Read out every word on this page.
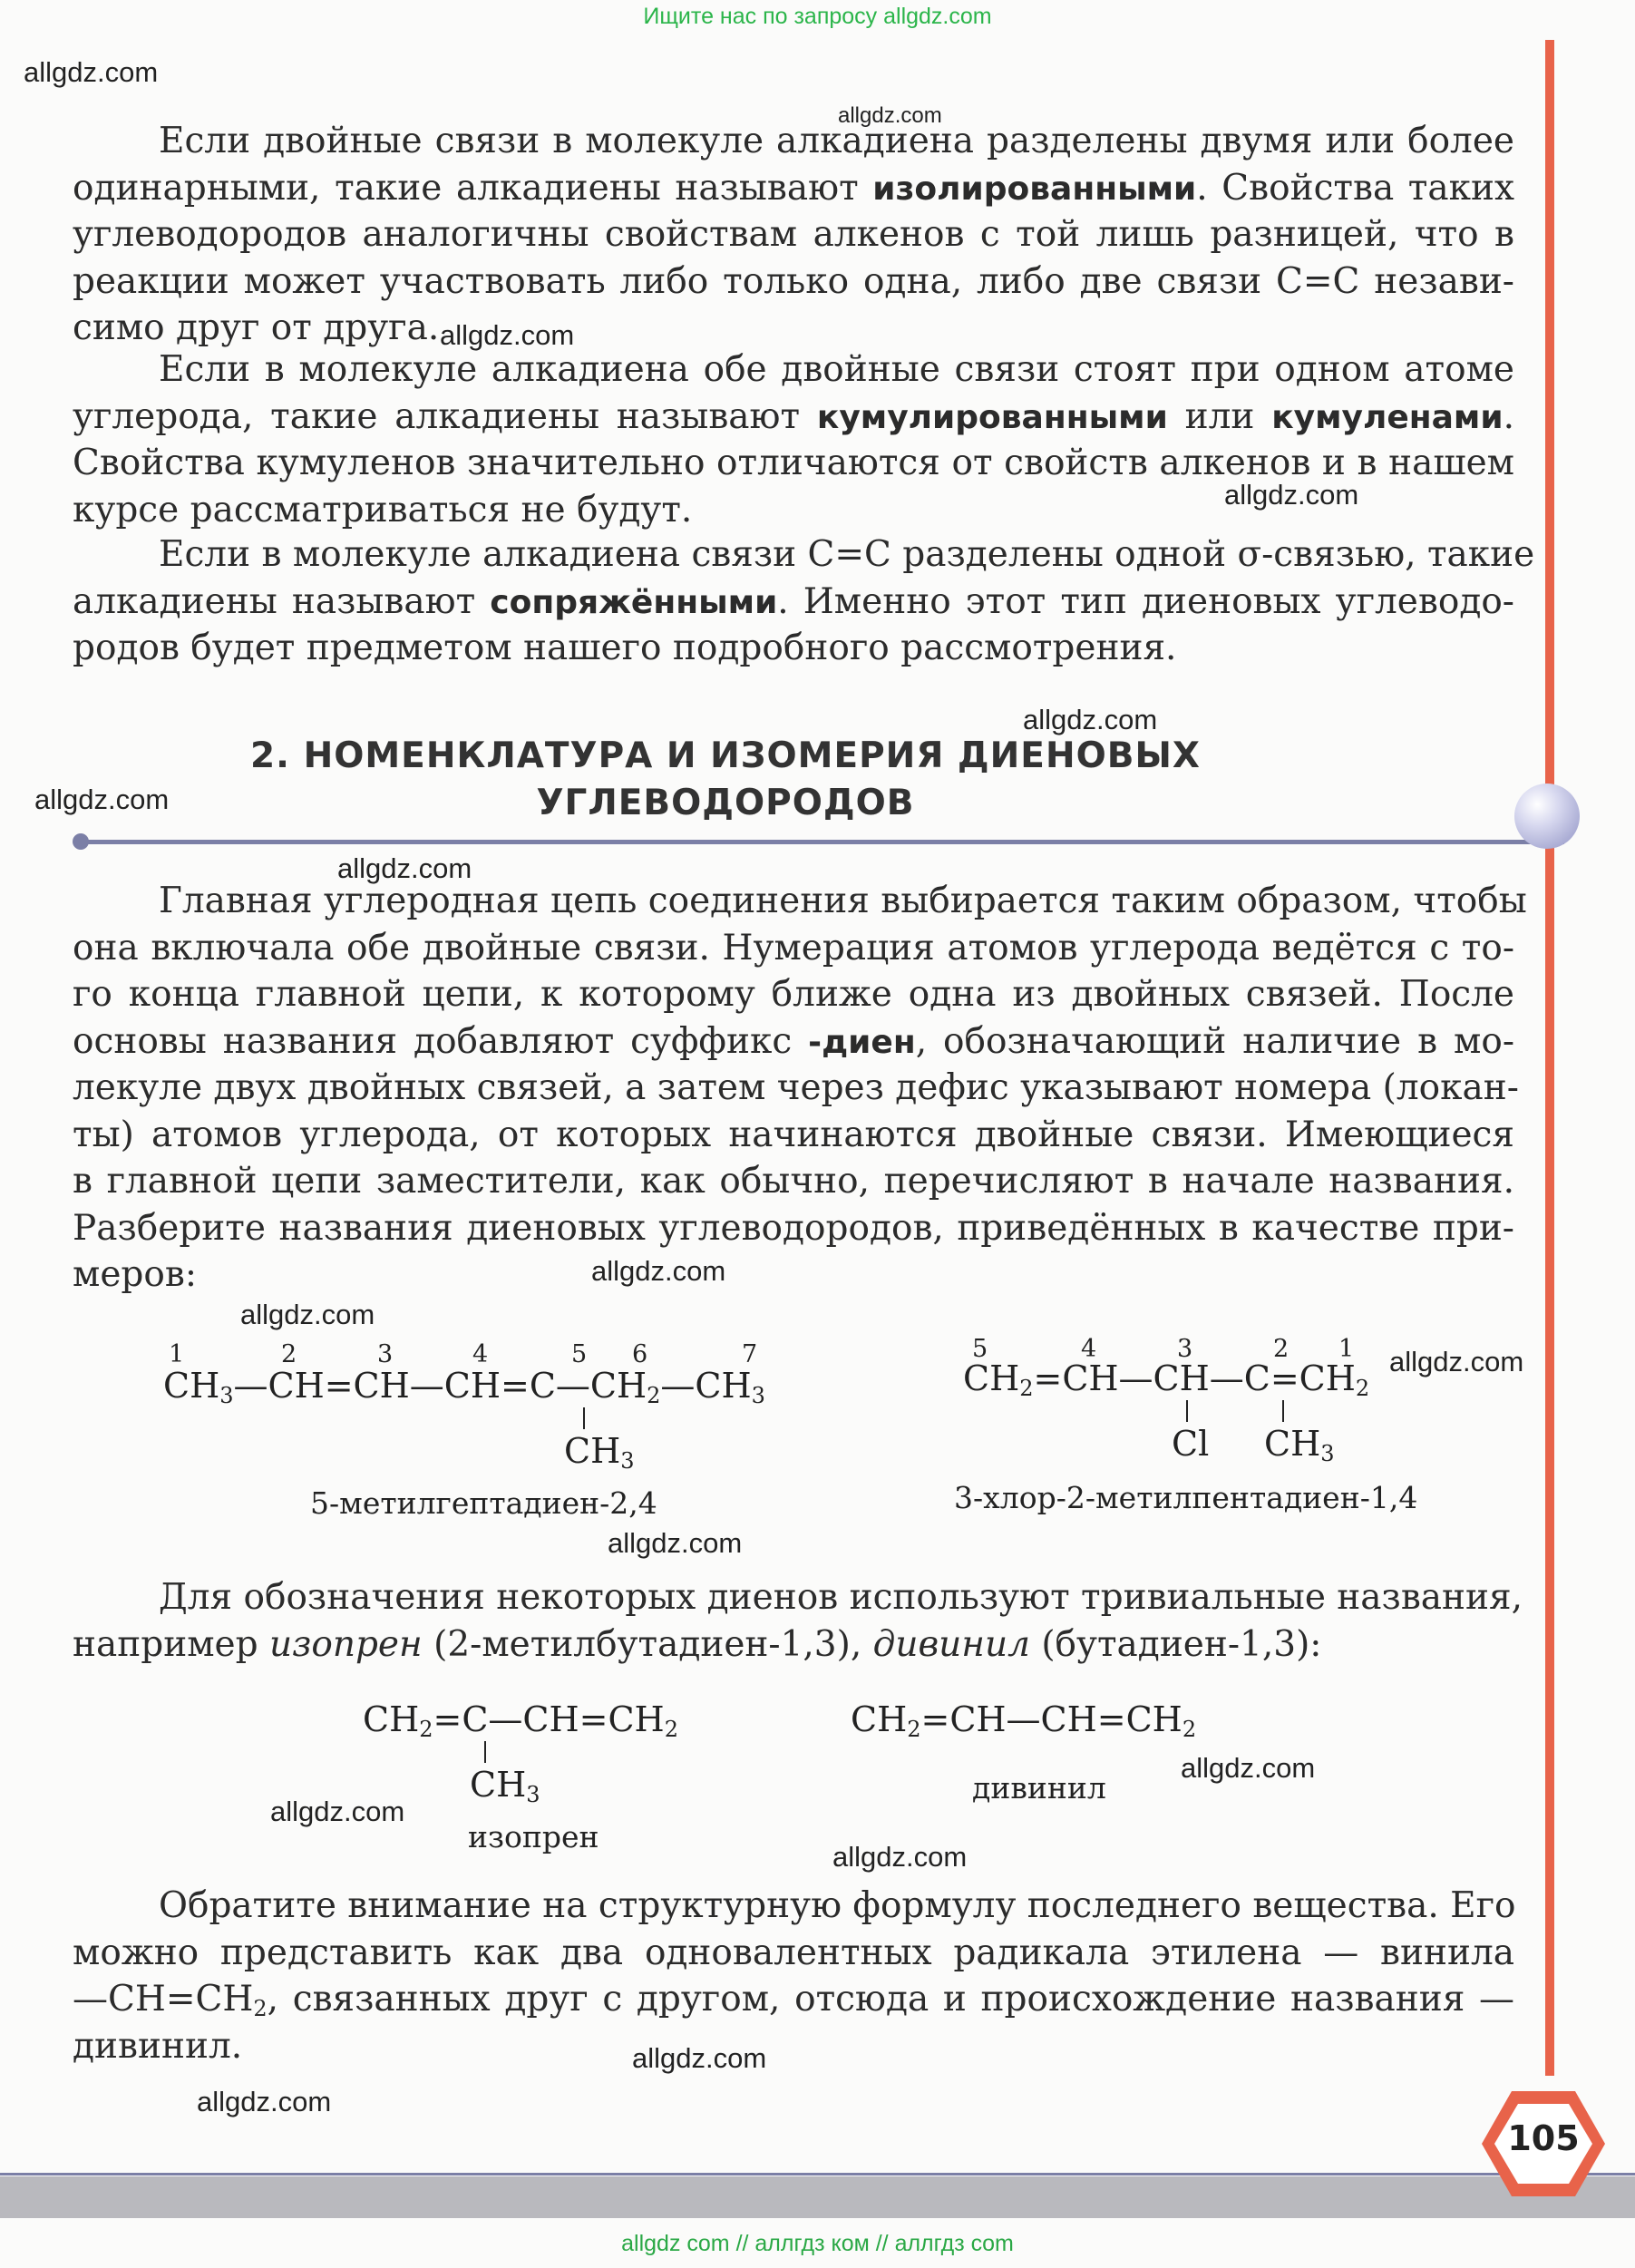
Ищите нас по запросу allgdz.com
allgdz.com
allgdz.com
allgdz.com
allgdz.com
allgdz.com
allgdz.com
allgdz.com
allgdz.com
allgdz.com
allgdz.com
allgdz.com
allgdz.com
allgdz.com
allgdz.com
allgdz.com
allgdz.com
Если двойные связи в молекуле алкадиена разделены двумя или более
одинарными, такие алкадиены называют изолированными. Свойства таких
углеводородов аналогичны свойствам алкенов с той лишь разницей, что в
реакции может участвовать либо только одна, либо две связи С=С незави-
симо друг от друга.
Если в молекуле алкадиена обе двойные связи стоят при одном атоме
углерода, такие алкадиены называют кумулированными или кумуленами.
Свойства кумуленов значительно отличаются от свойств алкенов и в нашем
курсе рассматриваться не будут.
Если в молекуле алкадиена связи С=С разделены одной σ-связью, такие
алкадиены называют сопряжёнными. Именно этот тип диеновых углеводо-
родов будет предметом нашего подробного рассмотрения.
2. НОМЕНКЛАТУРА И ИЗОМЕРИЯ ДИЕНОВЫХ
УГЛЕВОДОРОДОВ
Главная углеродная цепь соединения выбирается таким образом, чтобы
она включала обе двойные связи. Нумерация атомов углерода ведётся с то-
го конца главной цепи, к которому ближе одна из двойных связей. После
основы названия добавляют суффикс -диен, обозначающий наличие в мо-
лекуле двух двойных связей, а затем через дефис указывают номера (локан-
ты) атомов углерода, от которых начинаются двойные связи. Имеющиеся
в главной цепи заместители, как обычно, перечисляют в начале названия.
Разберите названия диеновых углеводородов, приведённых в качестве при-
меров:
1	2	3	4	5 6	7
$CH_3—CH=CH—CH=C—CH_2—CH_3$
$CH_3$
5-метилгептадиен-2,4
5	4	3	2 1
$CH_2=CH—CH—C=CH_2$
Cl $CH_3$
3-хлор-2-метилпентадиен-1,4
Для обозначения некоторых диенов используют тривиальные названия,
например изопрен (2-метилбутадиен-1,3), дивинил (бутадиен-1,3):
$CH_2=C—CH=CH_2$
$CH_3$
изопрен
$CH_2=CH—CH=CH_2$
дивинил
Обратите внимание на структурную формулу последнего вещества. Его
можно представить как два одновалентных радикала этилена — винила
$—CH=CH_2$, связанных друг с другом, отсюда и происхождение названия —
дивинил.
105
allgdz com // аллгдз ком // аллгдз com
